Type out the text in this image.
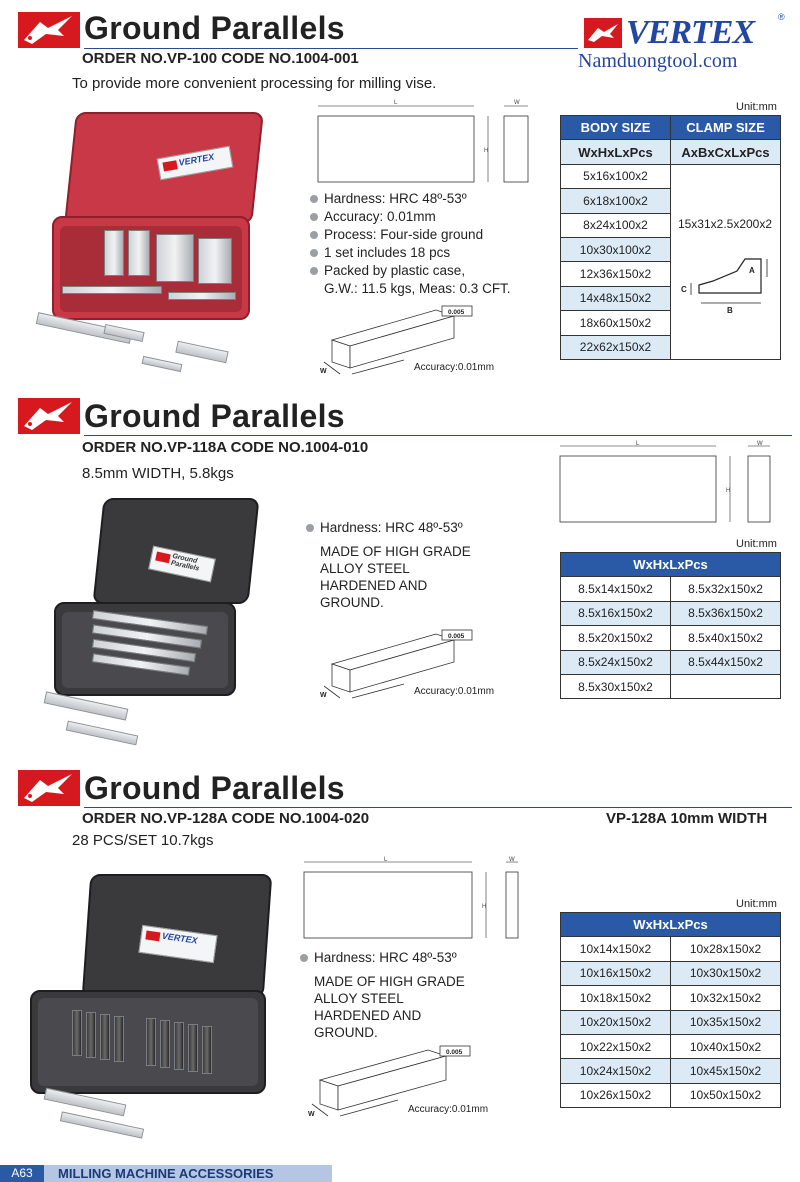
VERTEX	®
Namduongtool.com
Ground Parallels
ORDER NO.VP-100 CODE NO.1004-001
To provide more convenient processing for milling vise.
VERTEX
L
H
W
Hardness: HRC 48º-53º
Accuracy: 0.01mm
Process: Four-side ground
1 set includes 18 pcs
Packed by plastic case,
G.W.: 11.5 kgs, Meas: 0.3 CFT.
0.005
W	Accuracy:0.01mm
Unit:mm
BODY SIZE	CLAMP SIZE
WxHxLxPcs	AxBxCxLxPcs
5x16x100x2	15x31x2.5x200x2
A
B
C

6x18x100x2	
8x24x100x2	
10x30x100x2	
12x36x150x2	
14x48x150x2	
18x60x150x2	
22x62x150x2	
Ground Parallels
ORDER NO.VP-118A CODE NO.1004-010
8.5mm WIDTH, 5.8kgs
Ground Parallels
Hardness: HRC 48º-53º
MADE OF HIGH GRADE
ALLOY STEEL
HARDENED AND
GROUND.
0.005
W	Accuracy:0.01mm
L
H
W
Unit:mm
WxHxLxPcs	
8.5x14x150x2	8.5x32x150x2
8.5x16x150x2	8.5x36x150x2
8.5x20x150x2	8.5x40x150x2
8.5x24x150x2	8.5x44x150x2
8.5x30x150x2	
Ground Parallels
ORDER NO.VP-128A CODE NO.1004-020	VP-128A 10mm WIDTH
28 PCS/SET 10.7kgs
VERTEX
L
H
W
Hardness: HRC 48º-53º
MADE OF HIGH GRADE
ALLOY STEEL
HARDENED AND
GROUND.
0.005
W	Accuracy:0.01mm
Unit:mm
WxHxLxPcs	
10x14x150x2	10x28x150x2
10x16x150x2	10x30x150x2
10x18x150x2	10x32x150x2
10x20x150x2	10x35x150x2
10x22x150x2	10x40x150x2
10x24x150x2	10x45x150x2
10x26x150x2	10x50x150x2
A63	MILLING MACHINE ACCESSORIES
